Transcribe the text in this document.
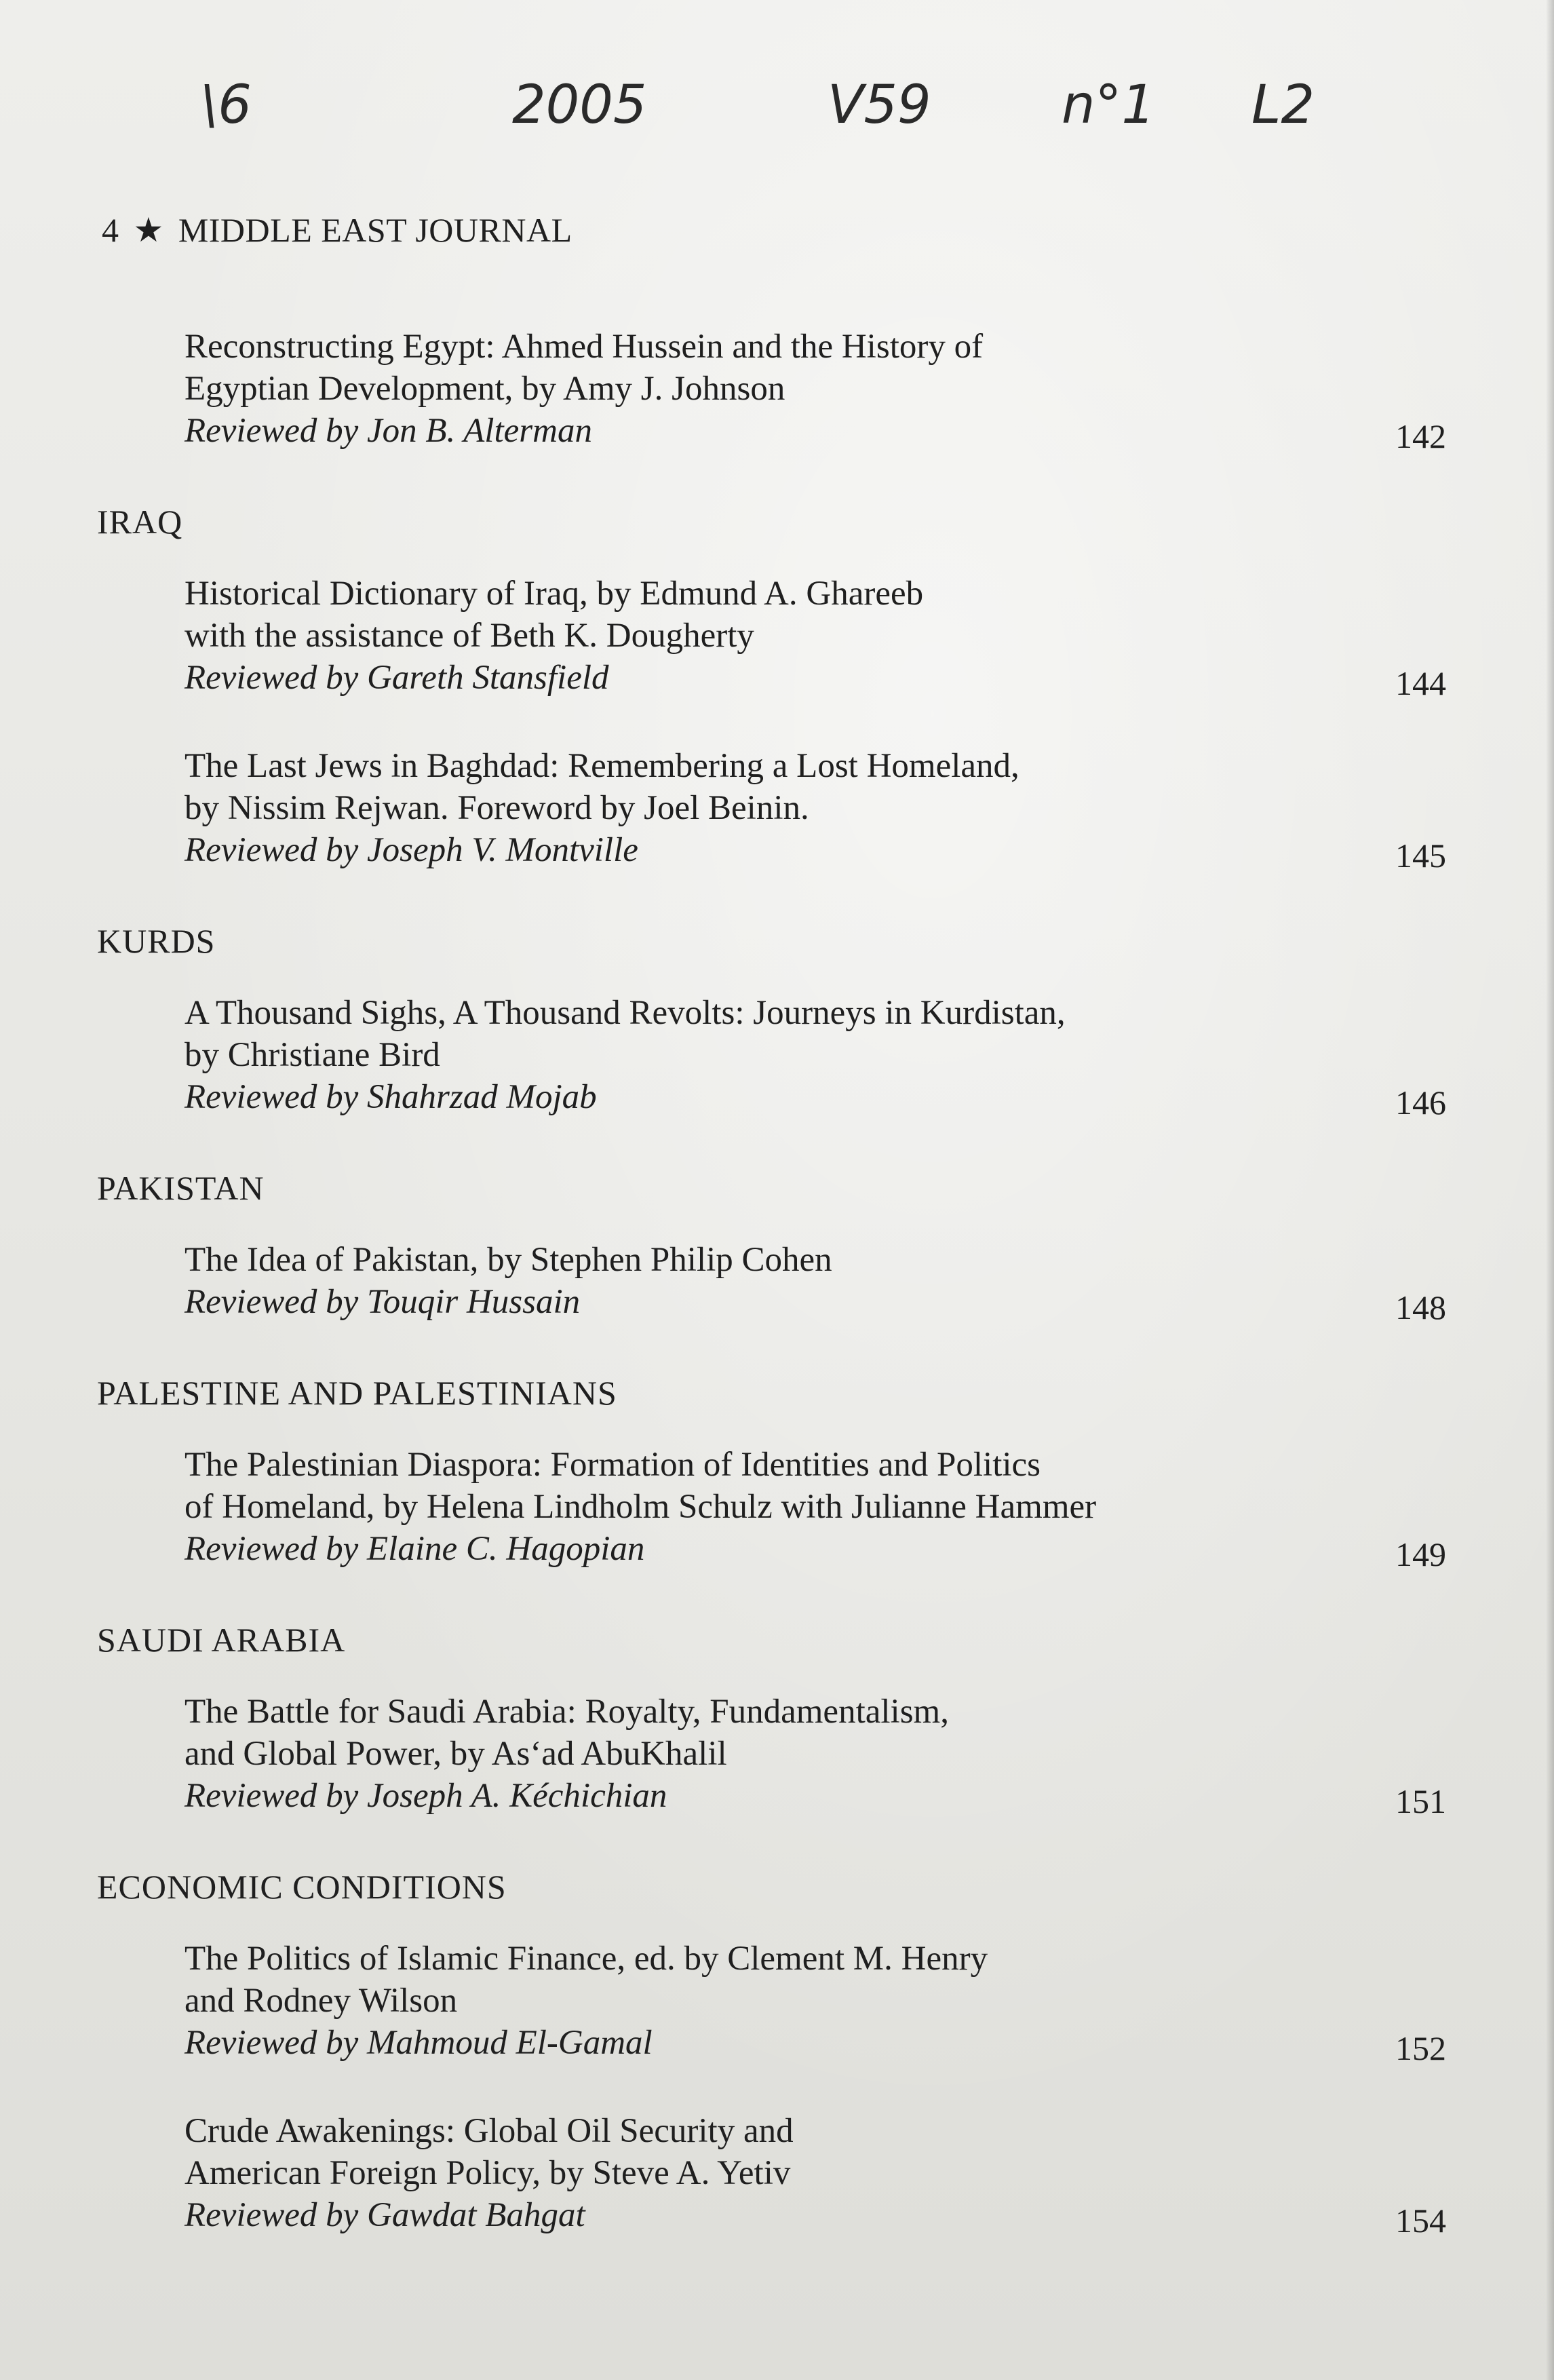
\6	2005	V59 n°1 L2
4 ★ MIDDLE EAST JOURNAL
Reconstructing Egypt: Ahmed Hussein and the History of
Egyptian Development, by Amy J. Johnson
Reviewed by Jon B. Alterman	142
IRAQ
Historical Dictionary of Iraq, by Edmund A. Ghareeb
with the assistance of Beth K. Dougherty
Reviewed by Gareth Stansfield	144
The Last Jews in Baghdad: Remembering a Lost Homeland,
by Nissim Rejwan. Foreword by Joel Beinin.
Reviewed by Joseph V. Montville	145
KURDS
A Thousand Sighs, A Thousand Revolts: Journeys in Kurdistan,
by Christiane Bird
Reviewed by Shahrzad Mojab	146
PAKISTAN
The Idea of Pakistan, by Stephen Philip Cohen
Reviewed by Touqir Hussain	148
PALESTINE AND PALESTINIANS
The Palestinian Diaspora: Formation of Identities and Politics
of Homeland, by Helena Lindholm Schulz with Julianne Hammer
Reviewed by Elaine C. Hagopian	149
SAUDI ARABIA
The Battle for Saudi Arabia: Royalty, Fundamentalism,
and Global Power, by As‘ad AbuKhalil
Reviewed by Joseph A. Kéchichian	151
ECONOMIC CONDITIONS
The Politics of Islamic Finance, ed. by Clement M. Henry
and Rodney Wilson
Reviewed by Mahmoud El-Gamal	152
Crude Awakenings: Global Oil Security and
American Foreign Policy, by Steve A. Yetiv
Reviewed by Gawdat Bahgat	154
